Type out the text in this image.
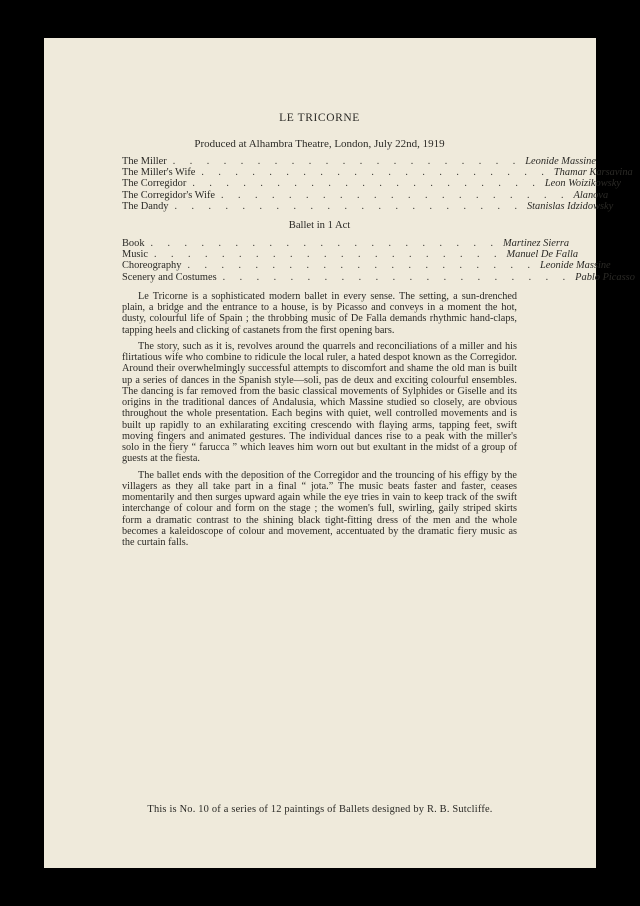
LE TRICORNE
Produced at Alhambra Theatre, London, July 22nd, 1919
The Miller . . . . . . . . . . . . . . . . . . . . . Leonide Massine
The Miller's Wife . . . . . . . . . . . . . . . . . . . . . Thamar Karsavina
The Corregidor . . . . . . . . . . . . . . . . . . . . . Leon Woizikowsky
The Corregidor's Wife . . . . . . . . . . . . . . . . . . . . . Alanova
The Dandy . . . . . . . . . . . . . . . . . . . . . Stanislas Idzidowsky
Ballet in 1 Act
Book . . . . . . . . . . . . . . . . . . . . . Martinez Sierra
Music . . . . . . . . . . . . . . . . . . . . . Manuel De Falla
Choreography . . . . . . . . . . . . . . . . . . . . . Leonide Massine
Scenery and Costumes . . . . . . . . . . . . . . . . . . . . . Pablo Picasso

Le Tricorne is a sophisticated modern ballet in every sense. The setting, a sun-drenched plain, a bridge and the entrance to a house, is by Picasso and conveys in a moment the hot, dusty, colourful life of Spain ; the throbbing music of De Falla demands rhythmic hand-claps, tapping heels and clicking of castanets from the first opening bars.

The story, such as it is, revolves around the quarrels and reconciliations of a miller and his flirtatious wife who combine to ridicule the local ruler, a hated despot known as the Corregidor. Around their overwhelmingly successful attempts to discomfort and shame the old man is built up a series of dances in the Spanish style—soli, pas de deux and exciting colourful ensembles. The dancing is far removed from the basic classical movements of Sylphides or Giselle and its origins in the traditional dances of Andalusia, which Massine studied so closely, are obvious throughout the whole presentation. Each begins with quiet, well controlled movements and is built up rapidly to an exhilarating exciting crescendo with flaying arms, tapping feet, swift moving fingers and animated gestures. The individual dances rise to a peak with the miller's solo in the fiery “ farucca ” which leaves him worn out but exultant in the midst of a group of guests at the fiesta.

The ballet ends with the deposition of the Corregidor and the trouncing of his effigy by the villagers as they all take part in a final “ jota.” The music beats faster and faster, ceases momentarily and then surges upward again while the eye tries in vain to keep track of the swift interchange of colour and form on the stage ; the women's full, swirling, gaily striped skirts form a dramatic contrast to the shining black tight-fitting dress of the men and the whole becomes a kaleidoscope of colour and movement, accentuated by the dramatic fiery music as the curtain falls.

This is No. 10 of a series of 12 paintings of Ballets designed by R. B. Sutcliffe.
